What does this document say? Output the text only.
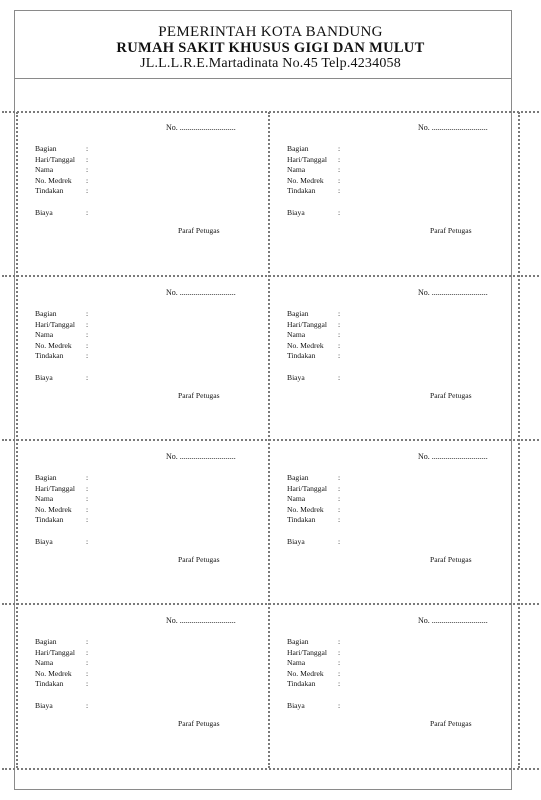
PEMERINTAH KOTA BANDUNG
RUMAH SAKIT KHUSUS GIGI DAN MULUT
JL.L.L.R.E.Martadinata No.45 Telp.4234058
No. ............................
Bagian	:
Hari/Tanggal :
Nama	:
No. Medrek :
Tindakan	:
Biaya	:
Paraf Petugas
No. ............................
Bagian	:
Hari/Tanggal :
Nama	:
No. Medrek :
Tindakan	:
Biaya	:
Paraf Petugas
No. ............................
Bagian	:
Hari/Tanggal :
Nama	:
No. Medrek :
Tindakan	:
Biaya	:
Paraf Petugas
No. ............................
Bagian	:
Hari/Tanggal :
Nama	:
No. Medrek :
Tindakan	:
Biaya	:
Paraf Petugas
No. ............................
Bagian	:
Hari/Tanggal :
Nama	:
No. Medrek :
Tindakan	:
Biaya	:
Paraf Petugas
No. ............................
Bagian	:
Hari/Tanggal :
Nama	:
No. Medrek :
Tindakan	:
Biaya	:
Paraf Petugas
No. ............................
Bagian	:
Hari/Tanggal :
Nama	:
No. Medrek :
Tindakan	:
Biaya	:
Paraf Petugas
No. ............................
Bagian	:
Hari/Tanggal :
Nama	:
No. Medrek :
Tindakan	:
Biaya	:
Paraf Petugas
